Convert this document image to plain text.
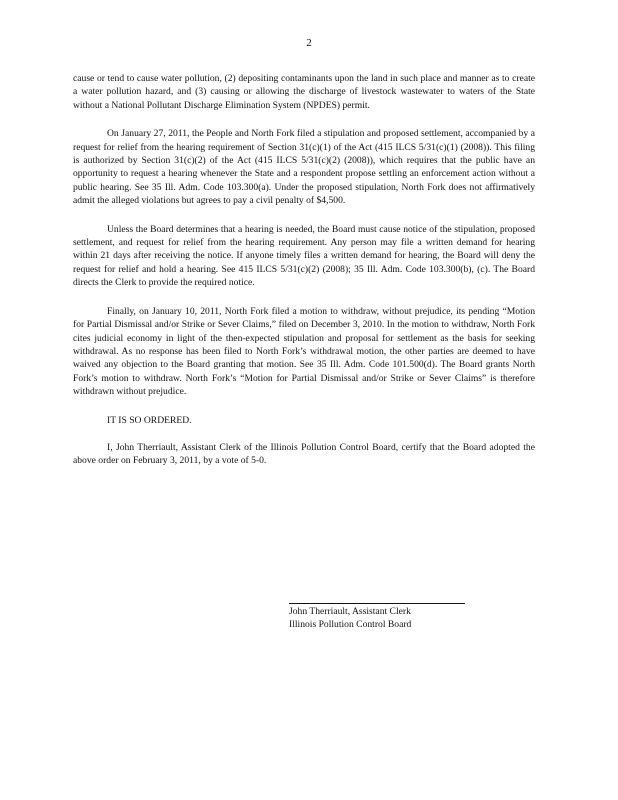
2

cause or tend to cause water pollution, (2) depositing contaminants upon the land in such place and manner as to create a water pollution hazard, and (3) causing or allowing the discharge of livestock wastewater to waters of the State without a National Pollutant Discharge Elimination System (NPDES) permit.

On January 27, 2011, the People and North Fork filed a stipulation and proposed settlement, accompanied by a request for relief from the hearing requirement of Section 31(c)(1) of the Act (415 ILCS 5/31(c)(1) (2008)). This filing is authorized by Section 31(c)(2) of the Act (415 ILCS 5/31(c)(2) (2008)), which requires that the public have an opportunity to request a hearing whenever the State and a respondent propose settling an enforcement action without a public hearing. See 35 Ill. Adm. Code 103.300(a). Under the proposed stipulation, North Fork does not affirmatively admit the alleged violations but agrees to pay a civil penalty of $4,500.

Unless the Board determines that a hearing is needed, the Board must cause notice of the stipulation, proposed settlement, and request for relief from the hearing requirement. Any person may file a written demand for hearing within 21 days after receiving the notice. If anyone timely files a written demand for hearing, the Board will deny the request for relief and hold a hearing. See 415 ILCS 5/31(c)(2) (2008); 35 Ill. Adm. Code 103.300(b), (c). The Board directs the Clerk to provide the required notice.

Finally, on January 10, 2011, North Fork filed a motion to withdraw, without prejudice, its pending “Motion for Partial Dismissal and/or Strike or Sever Claims,” filed on December 3, 2010. In the motion to withdraw, North Fork cites judicial economy in light of the then-expected stipulation and proposal for settlement as the basis for seeking withdrawal. As no response has been filed to North Fork’s withdrawal motion, the other parties are deemed to have waived any objection to the Board granting that motion. See 35 Ill. Adm. Code 101.500(d). The Board grants North Fork’s motion to withdraw. North Fork’s “Motion for Partial Dismissal and/or Strike or Sever Claims” is therefore withdrawn without prejudice.

IT IS SO ORDERED.

I, John Therriault, Assistant Clerk of the Illinois Pollution Control Board, certify that the Board adopted the above order on February 3, 2011, by a vote of 5-0.

John Therriault, Assistant Clerk

Illinois Pollution Control Board
